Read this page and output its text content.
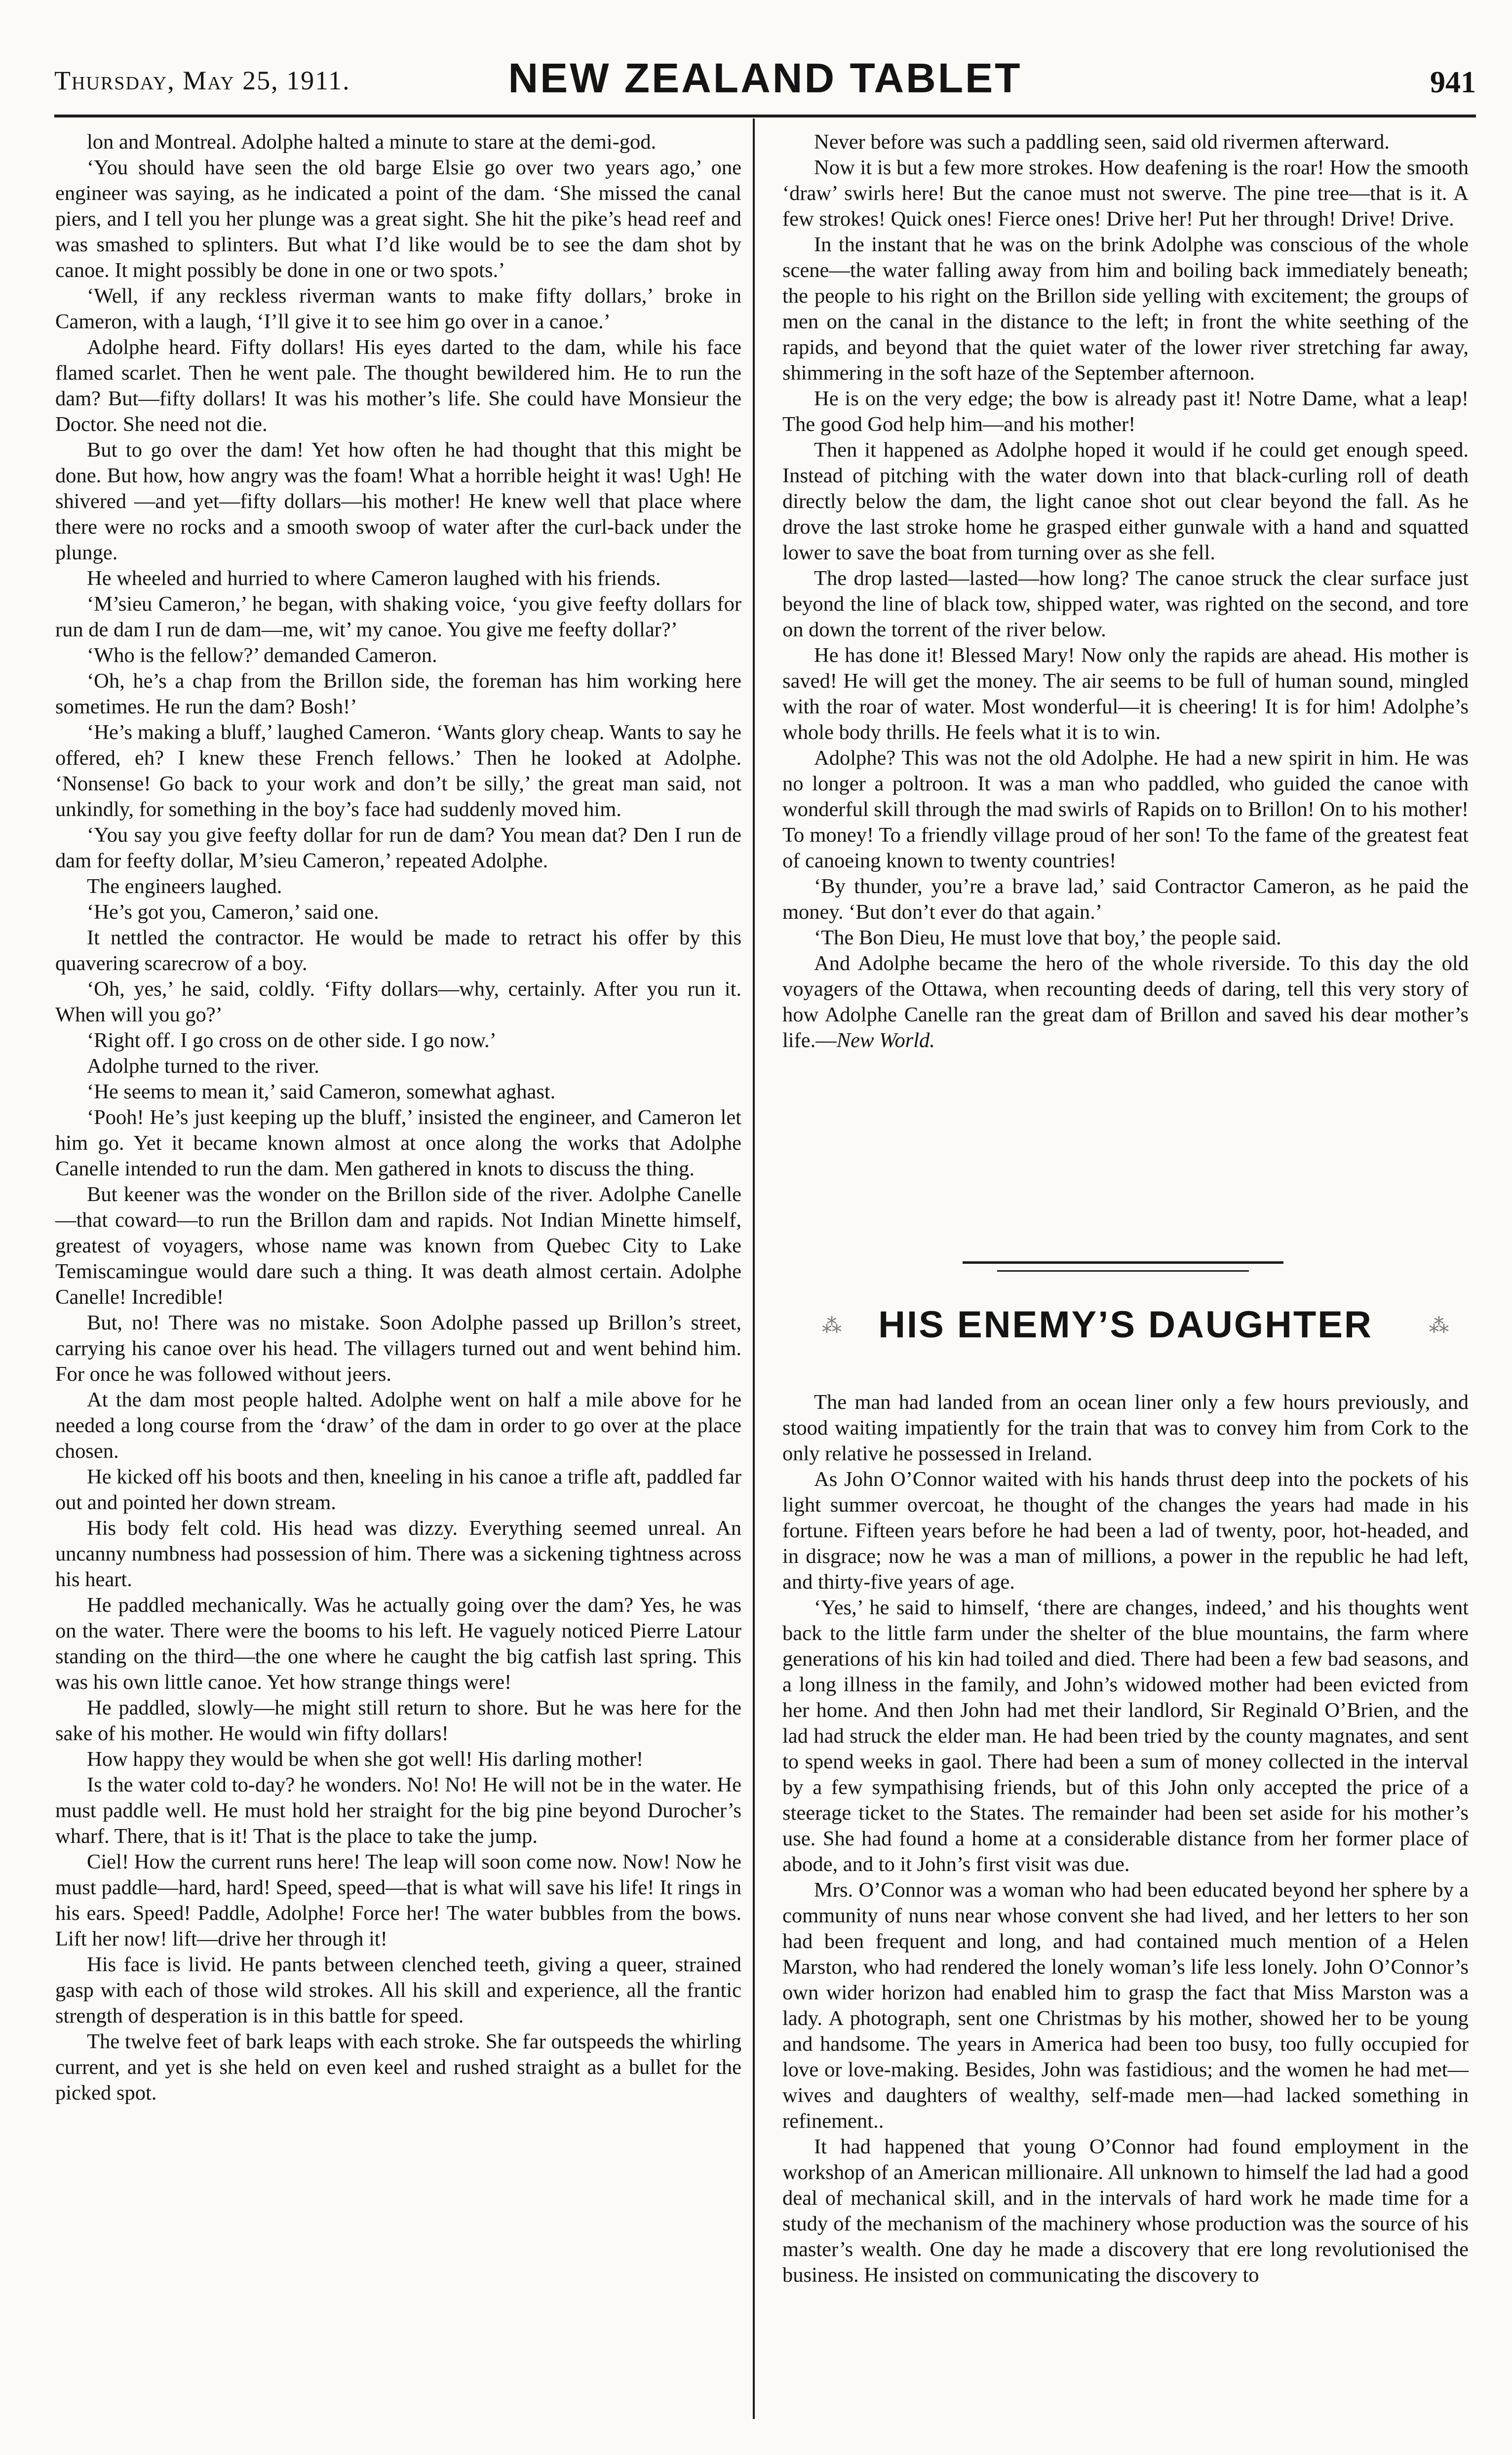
Thursday, May 25, 1911.	NEW ZEALAND TABLET	941

lon and Montreal. Adolphe halted a minute to stare at the demi-god.

‘You should have seen the old barge Elsie go over two years ago,’ one engineer was saying, as he indicated a point of the dam. ‘She missed the canal piers, and I tell you her plunge was a great sight. She hit the pike’s head reef and was smashed to splinters. But what I’d like would be to see the dam shot by canoe. It might possibly be done in one or two spots.’

‘Well, if any reckless riverman wants to make fifty dollars,’ broke in Cameron, with a laugh, ‘I’ll give it to see him go over in a canoe.’

Adolphe heard. Fifty dollars! His eyes darted to the dam, while his face flamed scarlet. Then he went pale. The thought bewildered him. He to run the dam? But—fifty dollars! It was his mother’s life. She could have Monsieur the Doctor. She need not die.

But to go over the dam! Yet how often he had thought that this might be done. But how, how angry was the foam! What a horrible height it was! Ugh! He shivered —and yet—fifty dollars—his mother! He knew well that place where there were no rocks and a smooth swoop of water after the curl-back under the plunge.

He wheeled and hurried to where Cameron laughed with his friends.

‘M’sieu Cameron,’ he began, with shaking voice, ‘you give feefty dollars for run de dam I run de dam—me, wit’ my canoe. You give me feefty dollar?’

‘Who is the fellow?’ demanded Cameron.

‘Oh, he’s a chap from the Brillon side, the foreman has him working here sometimes. He run the dam? Bosh!’

‘He’s making a bluff,’ laughed Cameron. ‘Wants glory cheap. Wants to say he offered, eh? I knew these French fellows.’ Then he looked at Adolphe. ‘Nonsense! Go back to your work and don’t be silly,’ the great man said, not unkindly, for something in the boy’s face had suddenly moved him.

‘You say you give feefty dollar for run de dam? You mean dat? Den I run de dam for feefty dollar, M’sieu Cameron,’ repeated Adolphe.

The engineers laughed.

‘He’s got you, Cameron,’ said one.

It nettled the contractor. He would be made to retract his offer by this quavering scarecrow of a boy.

‘Oh, yes,’ he said, coldly. ‘Fifty dollars—why, certainly. After you run it. When will you go?’

‘Right off. I go cross on de other side. I go now.’

Adolphe turned to the river.

‘He seems to mean it,’ said Cameron, somewhat aghast.

‘Pooh! He’s just keeping up the bluff,’ insisted the engineer, and Cameron let him go. Yet it became known almost at once along the works that Adolphe Canelle intended to run the dam. Men gathered in knots to discuss the thing.

But keener was the wonder on the Brillon side of the river. Adolphe Canelle—that coward—to run the Brillon dam and rapids. Not Indian Minette himself, greatest of voyagers, whose name was known from Quebec City to Lake Temiscamingue would dare such a thing. It was death almost certain. Adolphe Canelle! Incredible!

But, no! There was no mistake. Soon Adolphe passed up Brillon’s street, carrying his canoe over his head. The villagers turned out and went behind him. For once he was followed without jeers.

At the dam most people halted. Adolphe went on half a mile above for he needed a long course from the ‘draw’ of the dam in order to go over at the place chosen.

He kicked off his boots and then, kneeling in his canoe a trifle aft, paddled far out and pointed her down stream.

His body felt cold. His head was dizzy. Everything seemed unreal. An uncanny numbness had possession of him. There was a sickening tightness across his heart.

He paddled mechanically. Was he actually going over the dam? Yes, he was on the water. There were the booms to his left. He vaguely noticed Pierre Latour standing on the third—the one where he caught the big catfish last spring. This was his own little canoe. Yet how strange things were!

He paddled, slowly—he might still return to shore. But he was here for the sake of his mother. He would win fifty dollars!

How happy they would be when she got well! His darling mother!

Is the water cold to-day? he wonders. No! No! He will not be in the water. He must paddle well. He must hold her straight for the big pine beyond Durocher’s wharf. There, that is it! That is the place to take the jump.

Ciel! How the current runs here! The leap will soon come now. Now! Now he must paddle—hard, hard! Speed, speed—that is what will save his life! It rings in his ears. Speed! Paddle, Adolphe! Force her! The water bubbles from the bows. Lift her now! lift—drive her through it!

His face is livid. He pants between clenched teeth, giving a queer, strained gasp with each of those wild strokes. All his skill and experience, all the frantic strength of desperation is in this battle for speed.

The twelve feet of bark leaps with each stroke. She far outspeeds the whirling current, and yet is she held on even keel and rushed straight as a bullet for the picked spot.

Never before was such a paddling seen, said old rivermen afterward.

Now it is but a few more strokes. How deafening is the roar! How the smooth ‘draw’ swirls here! But the canoe must not swerve. The pine tree—that is it. A few strokes! Quick ones! Fierce ones! Drive her! Put her through! Drive! Drive.

In the instant that he was on the brink Adolphe was conscious of the whole scene—the water falling away from him and boiling back immediately beneath; the people to his right on the Brillon side yelling with excitement; the groups of men on the canal in the distance to the left; in front the white seething of the rapids, and beyond that the quiet water of the lower river stretching far away, shimmering in the soft haze of the September afternoon.

He is on the very edge; the bow is already past it! Notre Dame, what a leap! The good God help him—and his mother!

Then it happened as Adolphe hoped it would if he could get enough speed. Instead of pitching with the water down into that black-curling roll of death directly below the dam, the light canoe shot out clear beyond the fall. As he drove the last stroke home he grasped either gunwale with a hand and squatted lower to save the boat from turning over as she fell.

The drop lasted—lasted—how long? The canoe struck the clear surface just beyond the line of black tow, shipped water, was righted on the second, and tore on down the torrent of the river below.

He has done it! Blessed Mary! Now only the rapids are ahead. His mother is saved! He will get the money. The air seems to be full of human sound, mingled with the roar of water. Most wonderful—it is cheering! It is for him! Adolphe’s whole body thrills. He feels what it is to win.

Adolphe? This was not the old Adolphe. He had a new spirit in him. He was no longer a poltroon. It was a man who paddled, who guided the canoe with wonderful skill through the mad swirls of Rapids on to Brillon! On to his mother! To money! To a friendly village proud of her son! To the fame of the greatest feat of canoeing known to twenty countries!

‘By thunder, you’re a brave lad,’ said Contractor Cameron, as he paid the money. ‘But don’t ever do that again.’

‘The Bon Dieu, He must love that boy,’ the people said.

And Adolphe became the hero of the whole riverside. To this day the old voyagers of the Ottawa, when recounting deeds of daring, tell this very story of how Adolphe Canelle ran the great dam of Brillon and saved his dear mother’s life.—New World.

⁂ HIS ENEMY’S DAUGHTER	⁂

The man had landed from an ocean liner only a few hours previously, and stood waiting impatiently for the train that was to convey him from Cork to the only relative he possessed in Ireland.

As John O’Connor waited with his hands thrust deep into the pockets of his light summer overcoat, he thought of the changes the years had made in his fortune. Fifteen years before he had been a lad of twenty, poor, hot-headed, and in disgrace; now he was a man of millions, a power in the republic he had left, and thirty-five years of age.

‘Yes,’ he said to himself, ‘there are changes, indeed,’ and his thoughts went back to the little farm under the shelter of the blue mountains, the farm where generations of his kin had toiled and died. There had been a few bad seasons, and a long illness in the family, and John’s widowed mother had been evicted from her home. And then John had met their landlord, Sir Reginald O’Brien, and the lad had struck the elder man. He had been tried by the county magnates, and sent to spend weeks in gaol. There had been a sum of money collected in the interval by a few sympathising friends, but of this John only accepted the price of a steerage ticket to the States. The remainder had been set aside for his mother’s use. She had found a home at a considerable distance from her former place of abode, and to it John’s first visit was due.

Mrs. O’Connor was a woman who had been educated beyond her sphere by a community of nuns near whose convent she had lived, and her letters to her son had been frequent and long, and had contained much mention of a Helen Marston, who had rendered the lonely woman’s life less lonely. John O’Connor’s own wider horizon had enabled him to grasp the fact that Miss Marston was a lady. A photograph, sent one Christmas by his mother, showed her to be young and handsome. The years in America had been too busy, too fully occupied for love or love-making. Besides, John was fastidious; and the women he had met—wives and daughters of wealthy, self-made men—had lacked something in refinement..

It had happened that young O’Connor had found employment in the workshop of an American millionaire. All unknown to himself the lad had a good deal of mechanical skill, and in the intervals of hard work he made time for a study of the mechanism of the machinery whose production was the source of his master’s wealth. One day he made a discovery that ere long revolutionised the business. He insisted on communicating the discovery to
